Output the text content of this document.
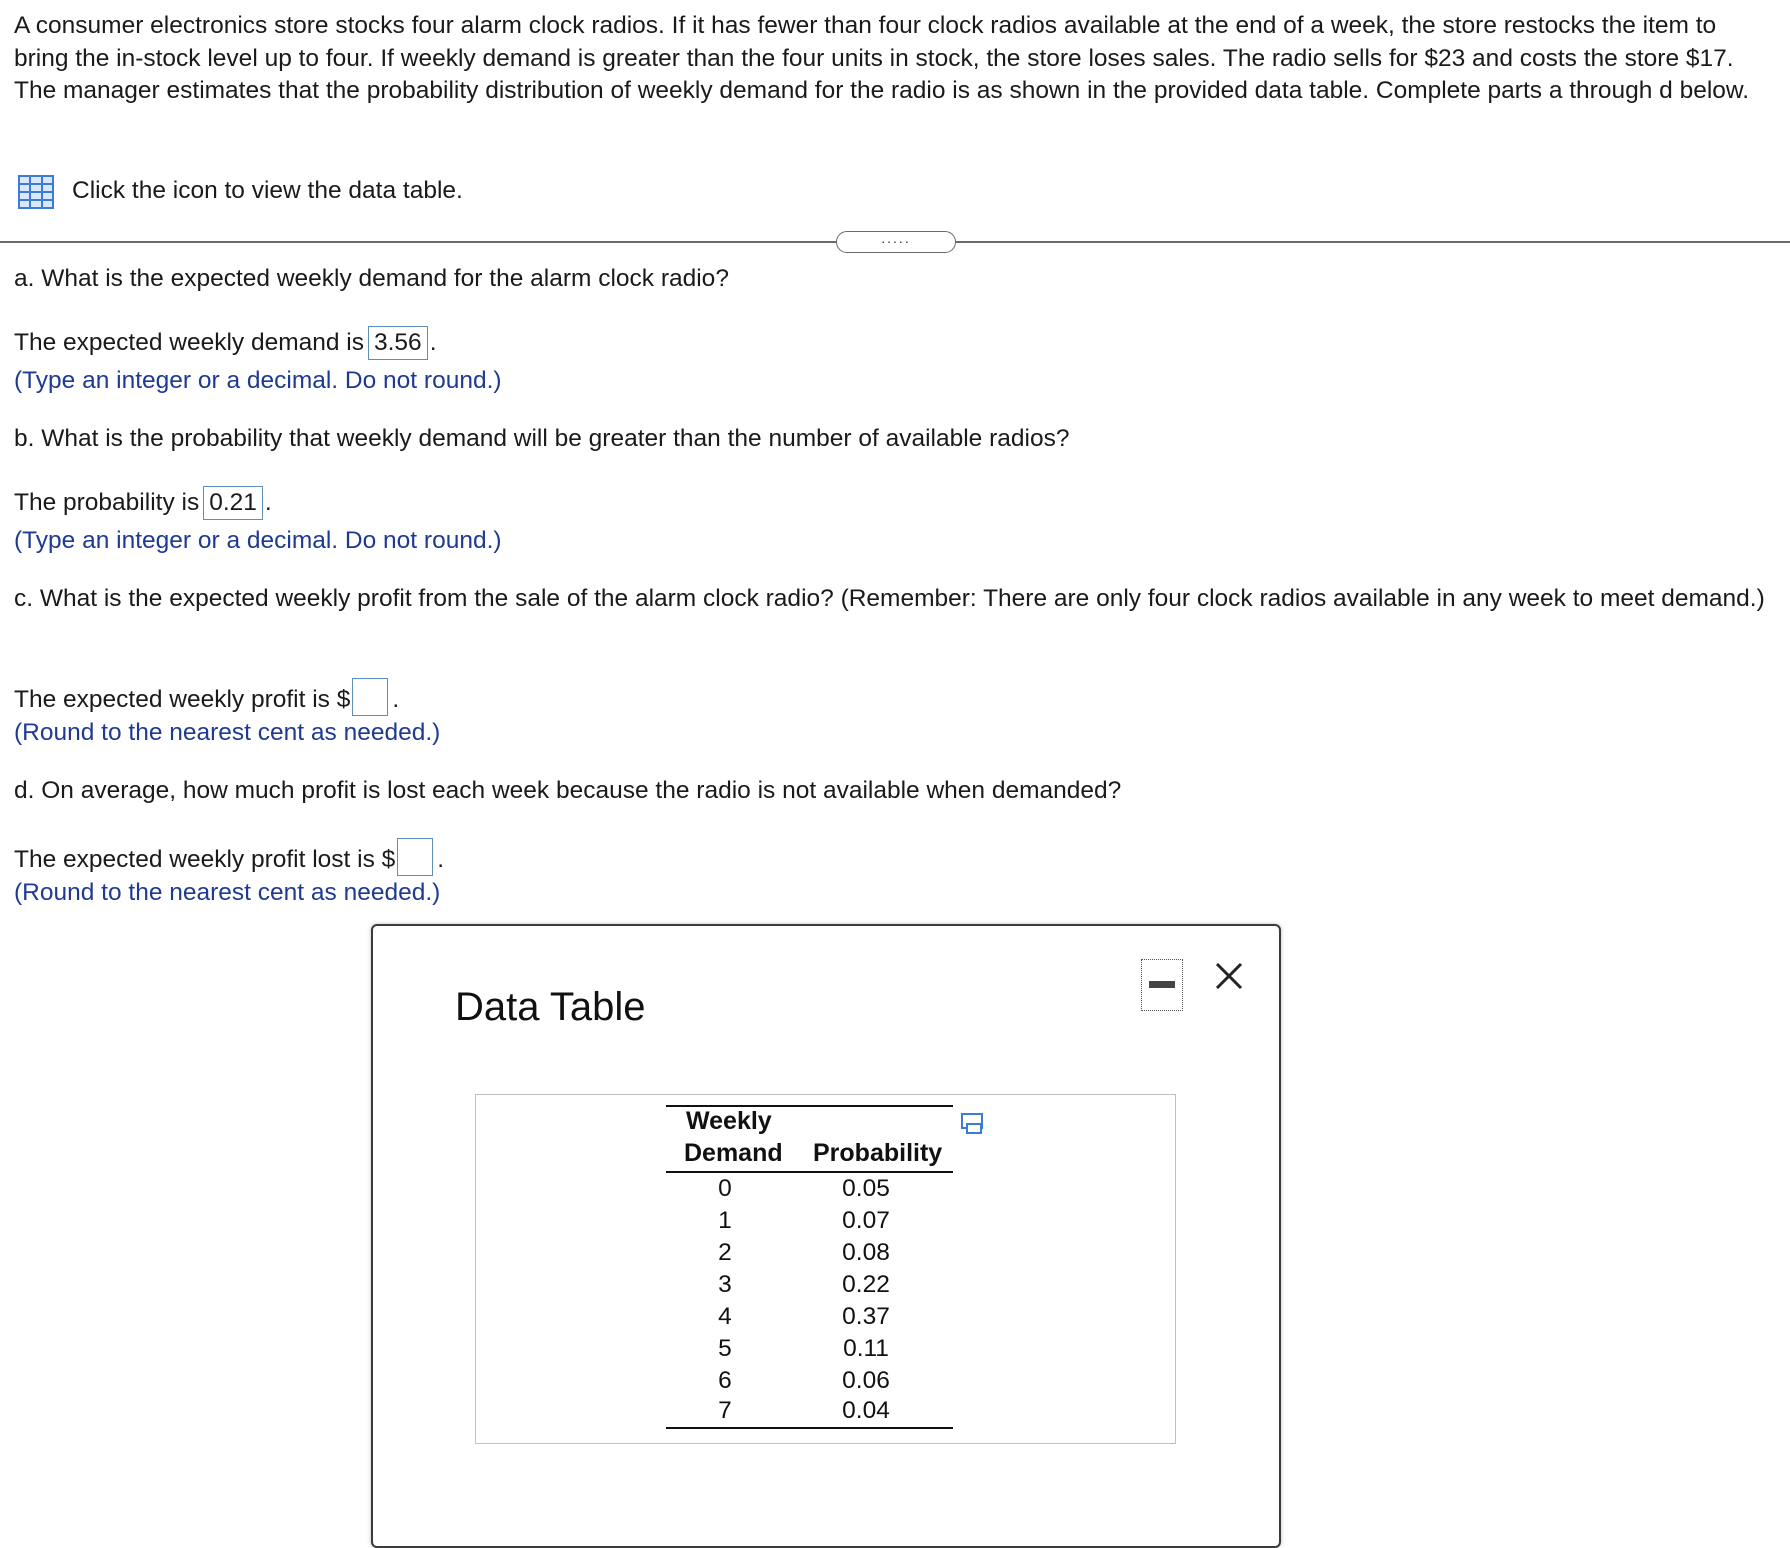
A consumer electronics store stocks four alarm clock radios. If it has fewer than four clock radios available at the end of a week, the store restocks the item to bring the in-stock level up to four. If weekly demand is greater than the four units in stock, the store loses sales. The radio sells for $23 and costs the store $17. The manager estimates that the probability distribution of weekly demand for the radio is as shown in the provided data table. Complete parts a through d below.
Click the icon to view the data table.
.....
a. What is the expected weekly demand for the alarm clock radio?
The expected weekly demand is 3.56 .
(Type an integer or a decimal. Do not round.)
b. What is the probability that weekly demand will be greater than the number of available radios?
The probability is 0.21 .
(Type an integer or a decimal. Do not round.)
c. What is the expected weekly profit from the sale of the alarm clock radio? (Remember: There are only four clock radios available in any week to meet demand.)
The expected weekly profit is $ .
(Round to the nearest cent as needed.)
d. On average, how much profit is lost each week because the radio is not available when demanded?
The expected weekly profit lost is $ .
(Round to the nearest cent as needed.)
Data Table
Weekly
Demand Probability
0	0.05
1	0.07
2	0.08
3	0.22
4	0.37
5	0.11
6	0.06
7	0.04
